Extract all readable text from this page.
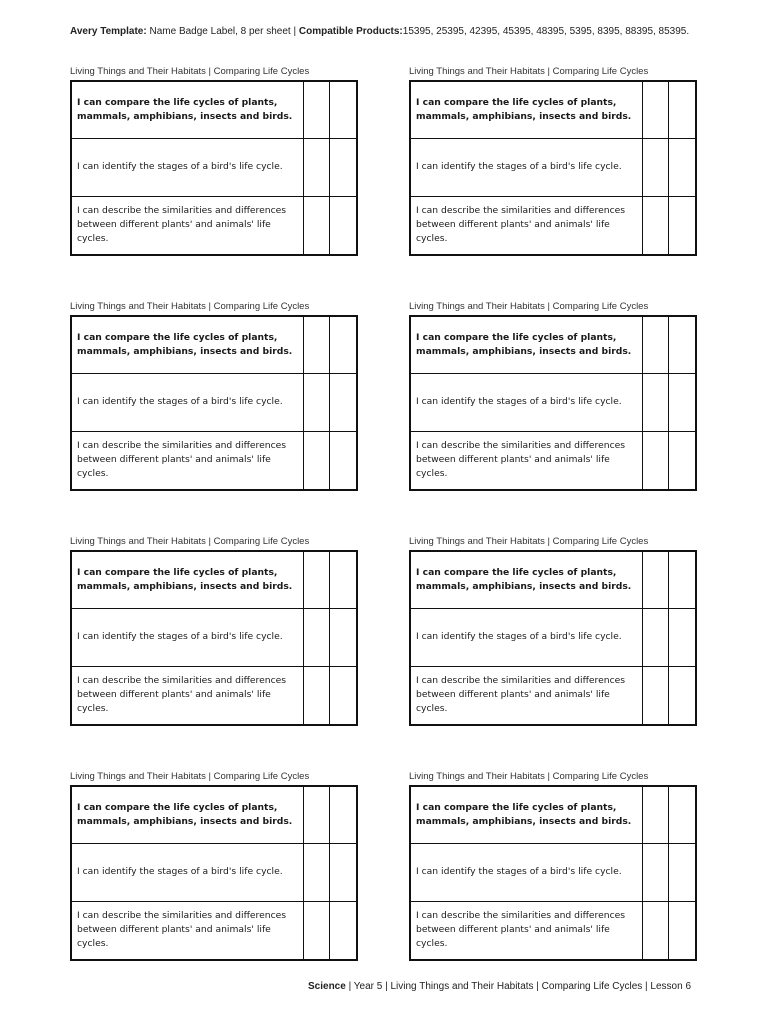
Avery Template: Name Badge Label, 8 per sheet | Compatible Products:15395, 25395, 42395, 45395, 48395, 5395, 8395, 88395, 85395.
Living Things and Their Habitats | Comparing Life Cycles
I can compare the life cycles of plants, mammals, amphibians, insects and birds.
I can identify the stages of a bird's life cycle.
I can describe the similarities and differences between different plants' and animals' life cycles.
Living Things and Their Habitats | Comparing Life Cycles
I can compare the life cycles of plants, mammals, amphibians, insects and birds.
I can identify the stages of a bird's life cycle.
I can describe the similarities and differences between different plants' and animals' life cycles.
Living Things and Their Habitats | Comparing Life Cycles
I can compare the life cycles of plants, mammals, amphibians, insects and birds.
I can identify the stages of a bird's life cycle.
I can describe the similarities and differences between different plants' and animals' life cycles.
Living Things and Their Habitats | Comparing Life Cycles
I can compare the life cycles of plants, mammals, amphibians, insects and birds.
I can identify the stages of a bird's life cycle.
I can describe the similarities and differences between different plants' and animals' life cycles.
Living Things and Their Habitats | Comparing Life Cycles
I can compare the life cycles of plants, mammals, amphibians, insects and birds.
I can identify the stages of a bird's life cycle.
I can describe the similarities and differences between different plants' and animals' life cycles.
Living Things and Their Habitats | Comparing Life Cycles
I can compare the life cycles of plants, mammals, amphibians, insects and birds.
I can identify the stages of a bird's life cycle.
I can describe the similarities and differences between different plants' and animals' life cycles.
Living Things and Their Habitats | Comparing Life Cycles
I can compare the life cycles of plants, mammals, amphibians, insects and birds.
I can identify the stages of a bird's life cycle.
I can describe the similarities and differences between different plants' and animals' life cycles.
Living Things and Their Habitats | Comparing Life Cycles
I can compare the life cycles of plants, mammals, amphibians, insects and birds.
I can identify the stages of a bird's life cycle.
I can describe the similarities and differences between different plants' and animals' life cycles.
Science | Year 5 | Living Things and Their Habitats | Comparing Life Cycles | Lesson 6
